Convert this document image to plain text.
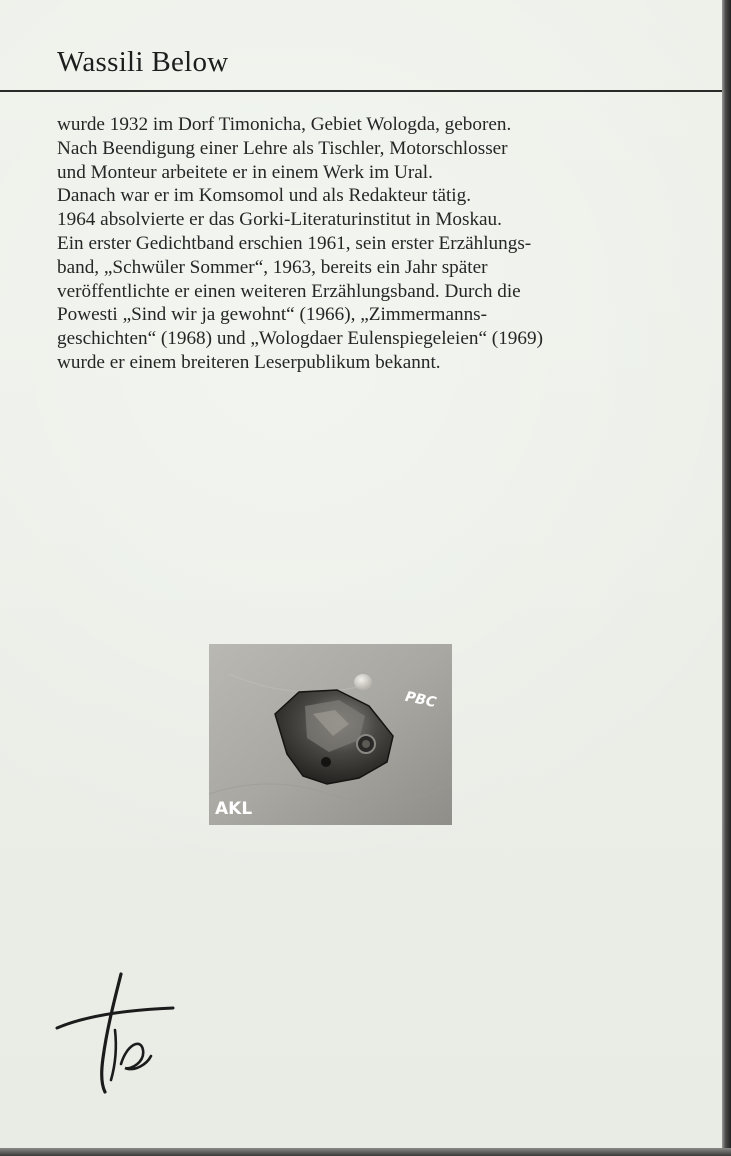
Wassili Below

wurde 1932 im Dorf Timonicha, Gebiet Wologda, geboren.
Nach Beendigung einer Lehre als Tischler, Motorschlosser
und Monteur arbeitete er in einem Werk im Ural.
Danach war er im Komsomol und als Redakteur tätig.
1964 absolvierte er das Gorki-Literaturinstitut in Moskau.
Ein erster Gedichtband erschien 1961, sein erster Erzählungs-
band, „Schwüler Sommer“, 1963, bereits ein Jahr später
veröffentlichte er einen weiteren Erzählungsband. Durch die
Powesti „Sind wir ja gewohnt“ (1966), „Zimmermanns-
geschichten“ (1968) und „Wologdaer Eulenspiegeleien“ (1969)
wurde er einem breiteren Leserpublikum bekannt.

AKL
PBC
